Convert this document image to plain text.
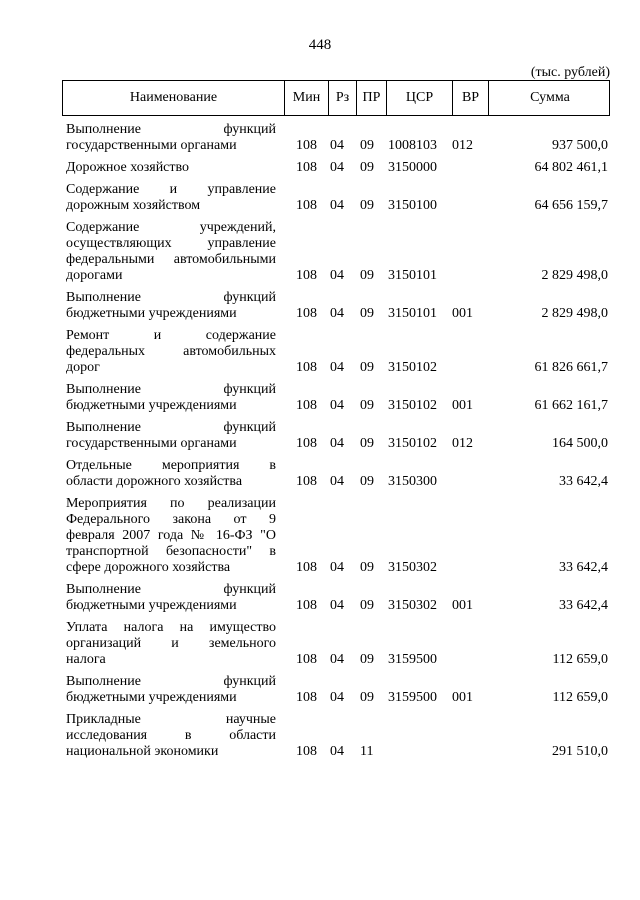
448
(тыс. рублей)
Наименование	Мин	Рз ПР	ЦСР	ВР	Сумма
Выполнение функций
государственными органами	108 04 09 1008103 012	937 500,0
Дорожное хозяйство	108 04 09 3150000	64 802 461,1
Содержание и управление
дорожным хозяйством	108 04 09 3150100	64 656 159,7
Содержание учреждений,
осуществляющих управление
федеральными автомобильными
дорогами	108 04 09 3150101	2 829 498,0
Выполнение функций
бюджетными учреждениями	108 04 09 3150101 001	2 829 498,0
Ремонт и содержание
федеральных автомобильных
дорог	108 04 09 3150102	61 826 661,7
Выполнение функций
бюджетными учреждениями	108 04 09 3150102 001	61 662 161,7
Выполнение функций
государственными органами	108 04 09 3150102 012	164 500,0
Отдельные мероприятия в
области дорожного хозяйства	108 04 09 3150300	33 642,4
Мероприятия по реализации
Федерального закона от 9
февраля 2007 года № 16-ФЗ "О
транспортной безопасности" в
сфере дорожного хозяйства	108 04 09 3150302	33 642,4
Выполнение функций
бюджетными учреждениями	108 04 09 3150302 001	33 642,4
Уплата налога на имущество
организаций и земельного
налога	108 04 09 3159500	112 659,0
Выполнение функций
бюджетными учреждениями	108 04 09 3159500 001	112 659,0
Прикладные научные
исследования в области
национальной экономики	108 04 11	291 510,0
